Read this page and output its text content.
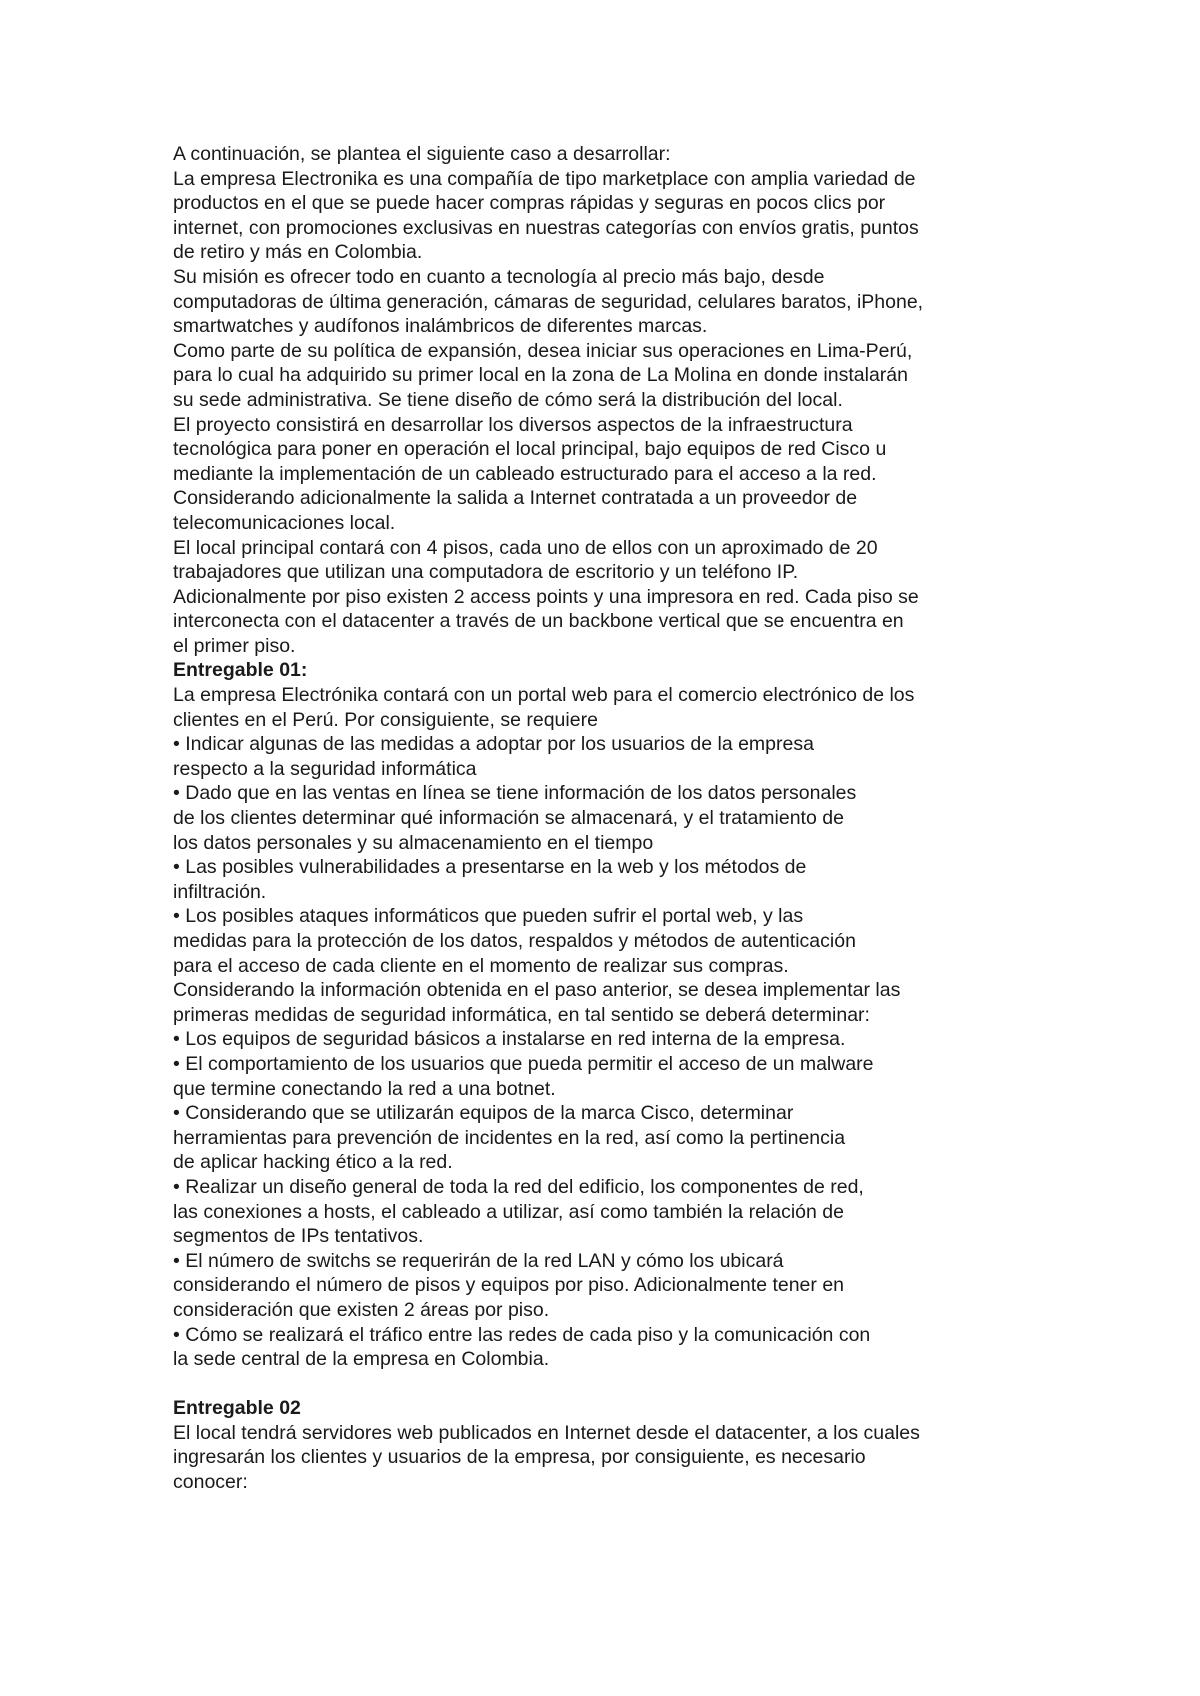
A continuación, se plantea el siguiente caso a desarrollar:
La empresa Electronika es una compañía de tipo marketplace con amplia variedad de
productos en el que se puede hacer compras rápidas y seguras en pocos clics por
internet, con promociones exclusivas en nuestras categorías con envíos gratis, puntos
de retiro y más en Colombia.
Su misión es ofrecer todo en cuanto a tecnología al precio más bajo, desde
computadoras de última generación, cámaras de seguridad, celulares baratos, iPhone,
smartwatches y audífonos inalámbricos de diferentes marcas.
Como parte de su política de expansión, desea iniciar sus operaciones en Lima-Perú,
para lo cual ha adquirido su primer local en la zona de La Molina en donde instalarán
su sede administrativa. Se tiene diseño de cómo será la distribución del local.
El proyecto consistirá en desarrollar los diversos aspectos de la infraestructura
tecnológica para poner en operación el local principal, bajo equipos de red Cisco u
mediante la implementación de un cableado estructurado para el acceso a la red.
Considerando adicionalmente la salida a Internet contratada a un proveedor de
telecomunicaciones local.
El local principal contará con 4 pisos, cada uno de ellos con un aproximado de 20
trabajadores que utilizan una computadora de escritorio y un teléfono IP.
Adicionalmente por piso existen 2 access points y una impresora en red. Cada piso se
interconecta con el datacenter a través de un backbone vertical que se encuentra en
el primer piso.
Entregable 01:
La empresa Electrónika contará con un portal web para el comercio electrónico de los
clientes en el Perú. Por consiguiente, se requiere
• Indicar algunas de las medidas a adoptar por los usuarios de la empresa
respecto a la seguridad informática
• Dado que en las ventas en línea se tiene información de los datos personales
de los clientes determinar qué información se almacenará, y el tratamiento de
los datos personales y su almacenamiento en el tiempo
• Las posibles vulnerabilidades a presentarse en la web y los métodos de
infiltración.
• Los posibles ataques informáticos que pueden sufrir el portal web, y las
medidas para la protección de los datos, respaldos y métodos de autenticación
para el acceso de cada cliente en el momento de realizar sus compras.
Considerando la información obtenida en el paso anterior, se desea implementar las
primeras medidas de seguridad informática, en tal sentido se deberá determinar:
• Los equipos de seguridad básicos a instalarse en red interna de la empresa.
• El comportamiento de los usuarios que pueda permitir el acceso de un malware
que termine conectando la red a una botnet.
• Considerando que se utilizarán equipos de la marca Cisco, determinar
herramientas para prevención de incidentes en la red, así como la pertinencia
de aplicar hacking ético a la red.
• Realizar un diseño general de toda la red del edificio, los componentes de red,
las conexiones a hosts, el cableado a utilizar, así como también la relación de
segmentos de IPs tentativos.
• El número de switchs se requerirán de la red LAN y cómo los ubicará
considerando el número de pisos y equipos por piso. Adicionalmente tener en
consideración que existen 2 áreas por piso.
• Cómo se realizará el tráfico entre las redes de cada piso y la comunicación con
la sede central de la empresa en Colombia.
Entregable 02
El local tendrá servidores web publicados en Internet desde el datacenter, a los cuales
ingresarán los clientes y usuarios de la empresa, por consiguiente, es necesario
conocer:
